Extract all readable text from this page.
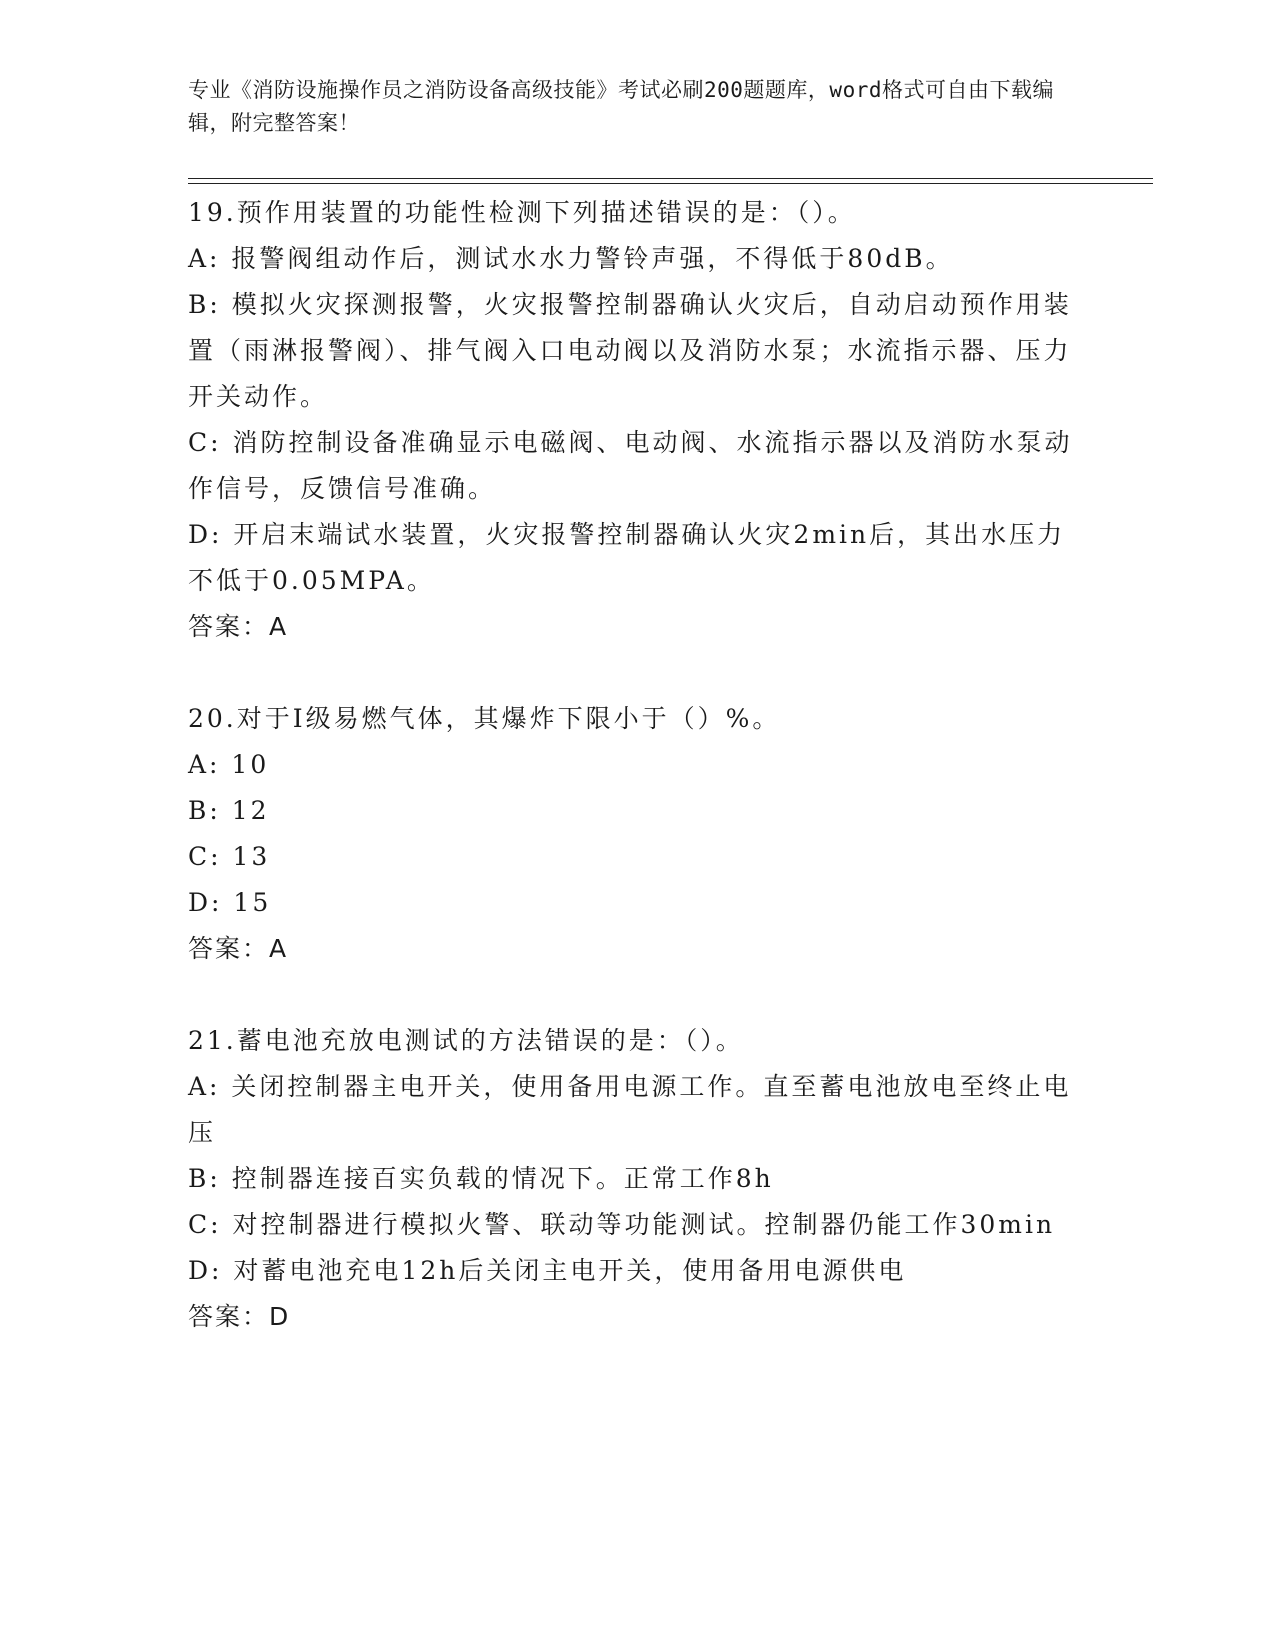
专业《消防设施操作员之消防设备高级技能》考试必刷200题题库，word格式可自由下载编辑，附完整答案！

19.预作用装置的功能性检测下列描述错误的是：（）。

A: 报警阀组动作后，测试水水力警铃声强，不得低于80dB。

B: 模拟火灾探测报警，火灾报警控制器确认火灾后，自动启动预作用装置（雨淋报警阀）、排气阀入口电动阀以及消防水泵；水流指示器、压力开关动作。

C: 消防控制设备准确显示电磁阀、电动阀、水流指示器以及消防水泵动作信号，反馈信号准确。

D: 开启末端试水装置，火灾报警控制器确认火灾2min后，其出水压力不低于0.05MPA。

答案：A

20.对于Ⅰ级易燃气体，其爆炸下限小于（）%。

A: 10

B: 12

C: 13

D: 15

答案：A

21.蓄电池充放电测试的方法错误的是：（）。

A: 关闭控制器主电开关，使用备用电源工作。直至蓄电池放电至终止电压

B: 控制器连接百实负载的情况下。正常工作8h

C: 对控制器进行模拟火警、联动等功能测试。控制器仍能工作30min

D: 对蓄电池充电12h后关闭主电开关，使用备用电源供电

答案：D
